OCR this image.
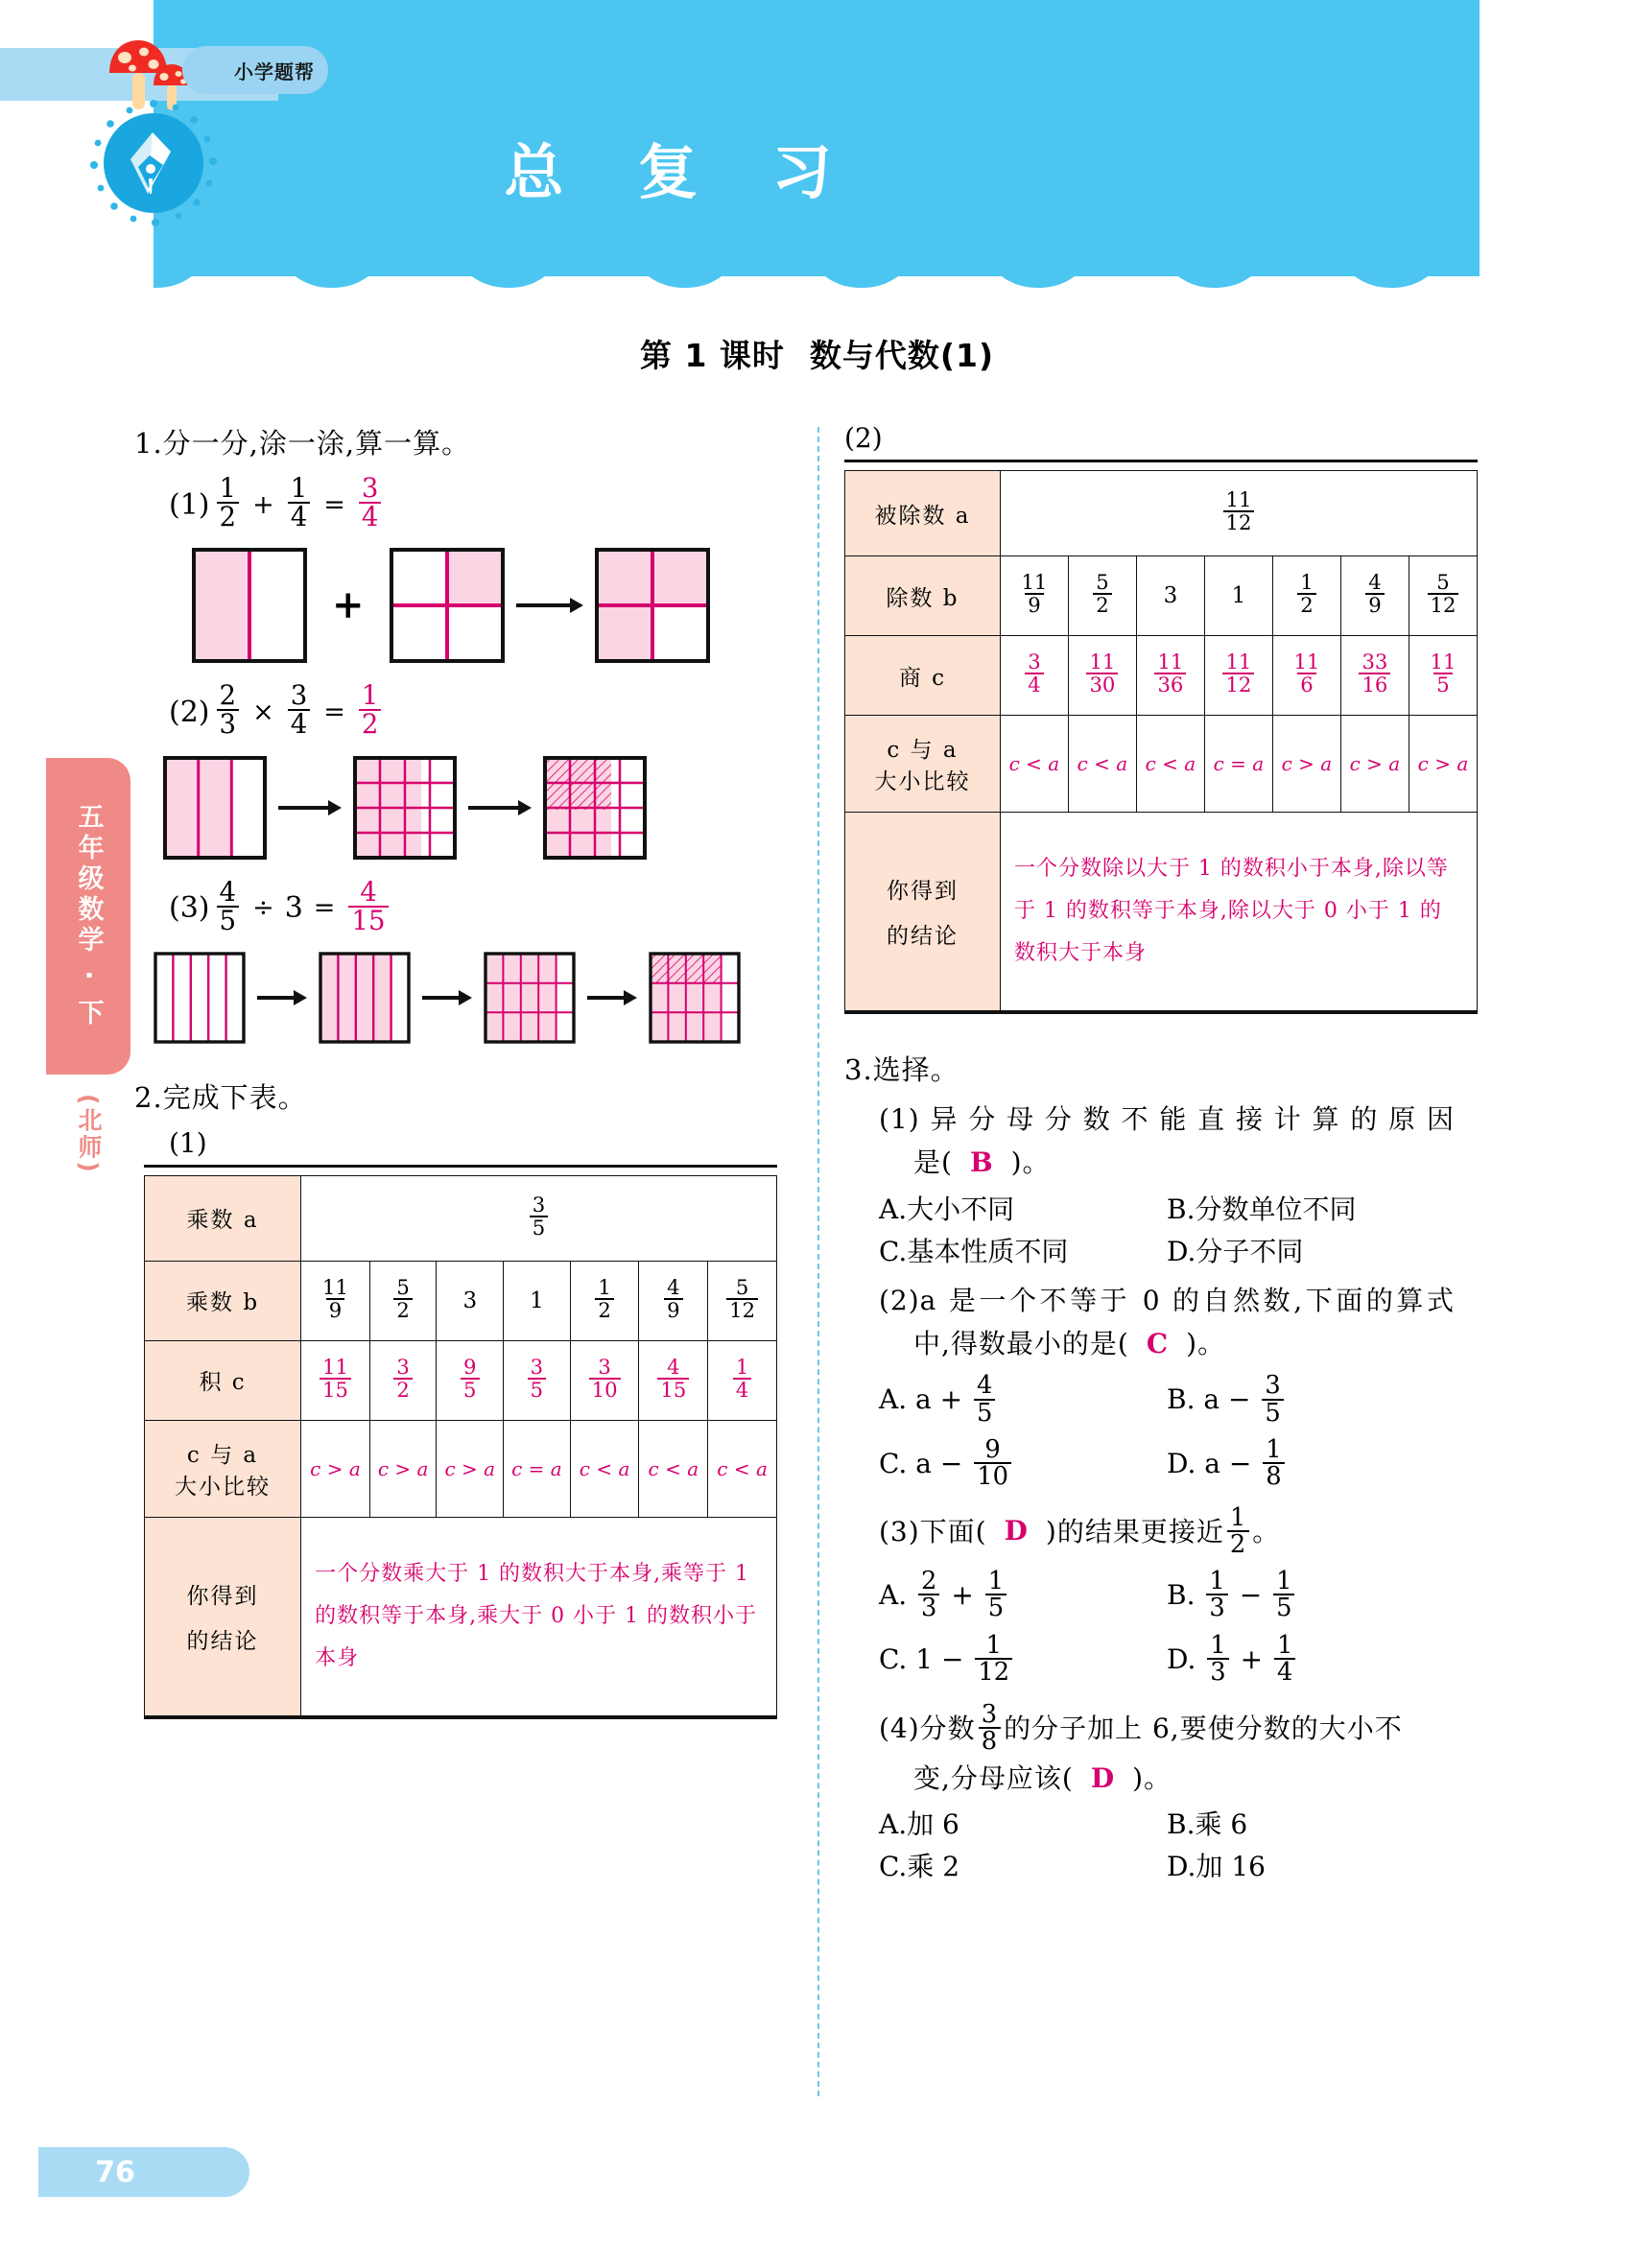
小学题帮
总 复 习
第 1 课时 数与代数(1)
五年级数学 · 下
(北师)
1.分一分,涂一涂,算一算。
$(1) \frac{1}{2} + \frac{1}{4} = \frac{3}{4}$
+
$(2) \frac{2}{3} \times \frac{3}{4} = \frac{1}{2}$
$(3) \frac{4}{5} \div 3 = \frac{4}{15}$
2.完成下表。
(1)
乘数 a	$\frac{3}{5}$

乘数 b	$\frac{11}{9}$	$\frac{5}{2}$	3	1	$\frac{1}{2}$	$\frac{4}{9}$	$\frac{5}{12}$

积 c	$\frac{11}{15}$	$\frac{3}{2}$	$\frac{9}{5}$	$\frac{3}{5}$	$\frac{3}{10}$	$\frac{4}{15}$	$\frac{1}{4}$

c 与 a
大小比较	c > a	c > a	c > a	c = a	c < a	c < a	c < a

你得到
的结论	一个分数乘大于 1 的数积大于本身,乘等于 1 的数积等于本身,乘大于 0 小于 1 的数积小于本身						
(2)
被除数 a	$\frac{11}{12}$

除数 b	$\frac{11}{9}$	$\frac{5}{2}$	3	1	$\frac{1}{2}$	$\frac{4}{9}$	$\frac{5}{12}$

商 c	$\frac{3}{4}$	$\frac{11}{30}$	$\frac{11}{36}$	$\frac{11}{12}$	$\frac{11}{6}$	$\frac{33}{16}$	$\frac{11}{5}$

c 与 a
大小比较	c < a	c < a	c < a	c = a	c > a	c > a	c > a

你得到
的结论	一个分数除以大于 1 的数积小于本身,除以等于 1 的数积等于本身,除以大于 0 小于 1 的数积大于本身						
3.选择。
(1)异分母分数不能直接计算的原因
是( B )。
A.大小不同	B.分数单位不同
C.基本性质不同	D.分子不同
(2)a 是一个不等于 0 的自然数,下面的算式
中,得数最小的是( C )。
A. $a + \frac{4}{5}$	B. $a - \frac{3}{5}$
C. $a - \frac{9}{10}$	D. $a - \frac{1}{8}$
(3)下面( D )的结果更接近 $\frac{1}{2}$ 。
A. $\frac{2}{3} + \frac{1}{5}$	B. $\frac{1}{3} - \frac{1}{5}$
C. $1 - \frac{1}{12}$	D. $\frac{1}{3} + \frac{1}{4}$
(4)分数 $\frac{3}{8}$ 的分子加上 6,要使分数的大小不
变,分母应该( D )。
A.加 6	B.乘 6
C.乘 2	D.加 16
76
